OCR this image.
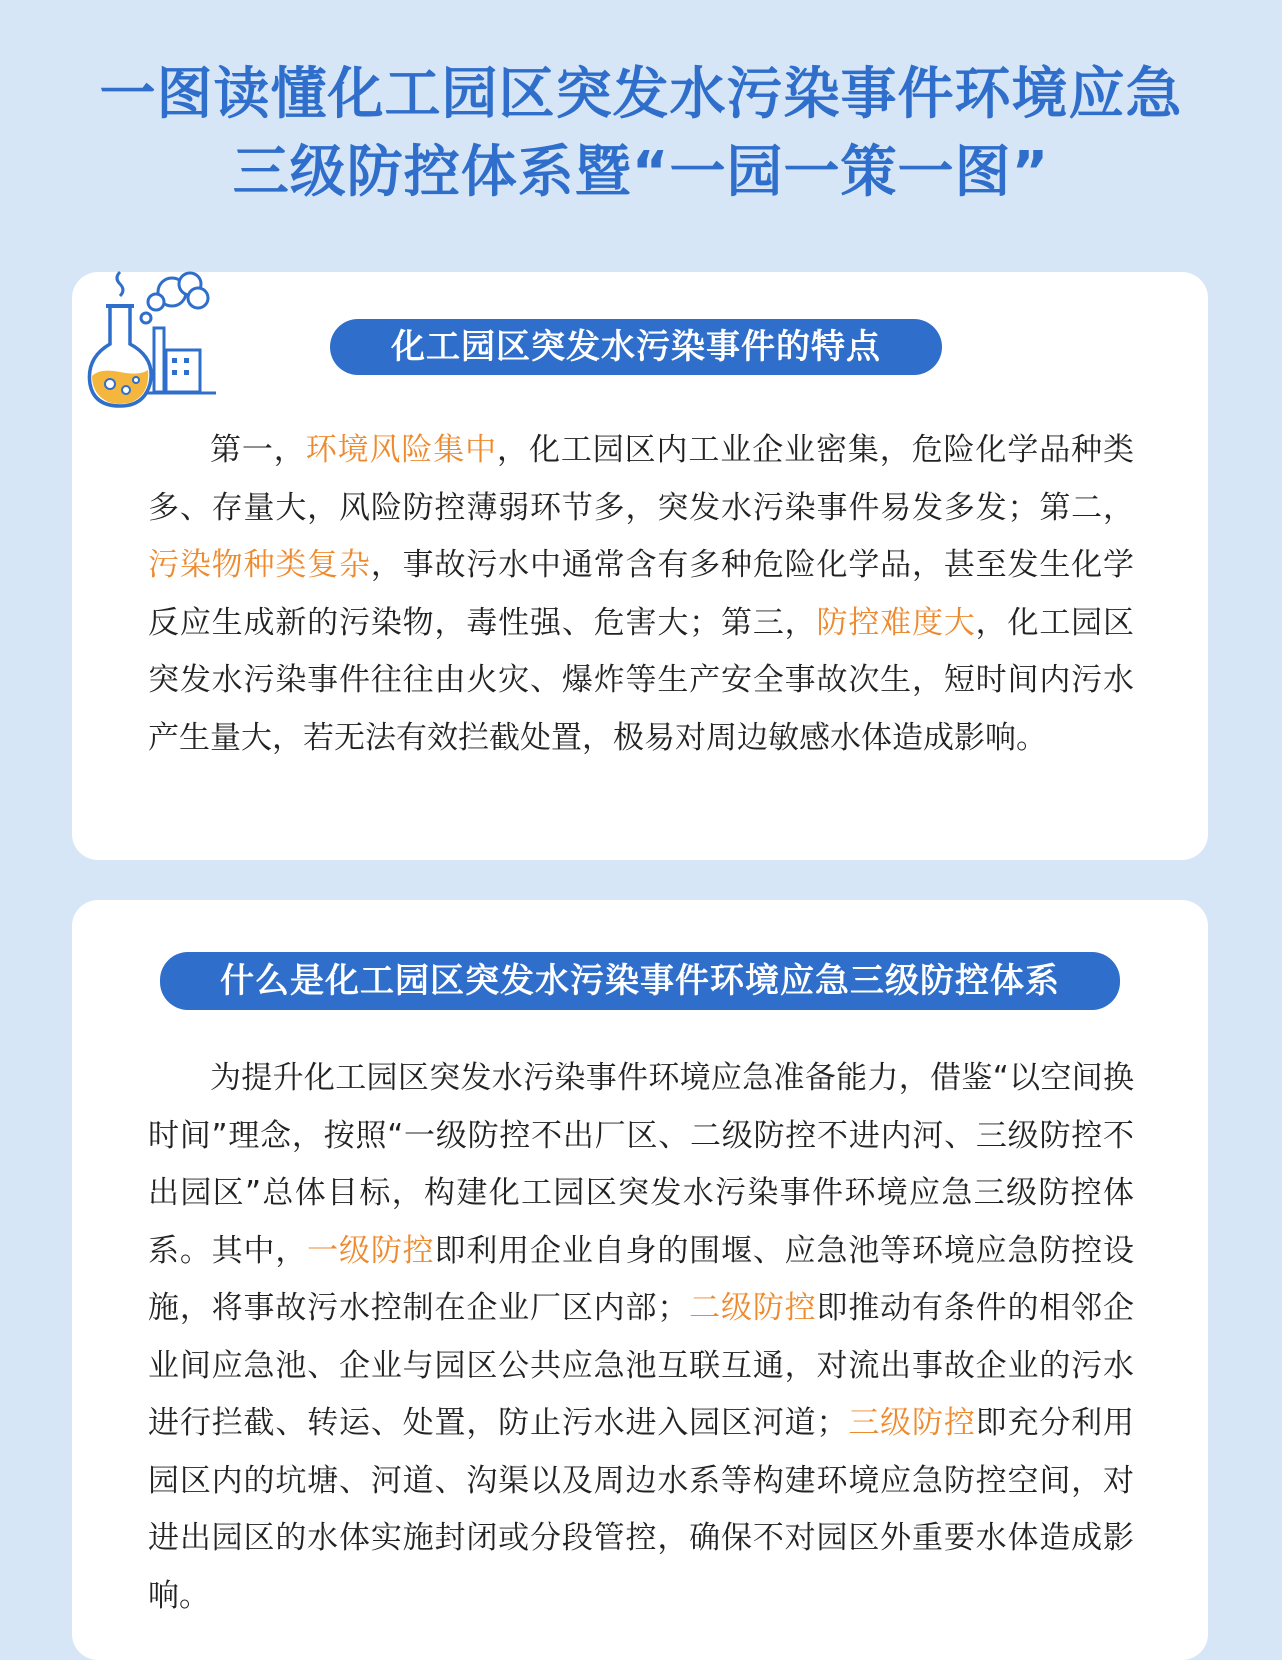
一图读懂化工园区突发水污染事件环境应急
三级防控体系暨“一园一策一图”
化工园区突发水污染事件的特点

第一，环境风险集中，化工园区内工业企业密集，危险化学品种类多、存量大，风险防控薄弱环节多，突发水污染事件易发多发；第二，污染物种类复杂，事故污水中通常含有多种危险化学品，甚至发生化学反应生成新的污染物，毒性强、危害大；第三，防控难度大，化工园区突发水污染事件往往由火灾、爆炸等生产安全事故次生，短时间内污水产生量大，若无法有效拦截处置，极易对周边敏感水体造成影响。

什么是化工园区突发水污染事件环境应急三级防控体系

为提升化工园区突发水污染事件环境应急准备能力，借鉴“以空间换时间”理念，按照“一级防控不出厂区、二级防控不进内河、三级防控不出园区”总体目标，构建化工园区突发水污染事件环境应急三级防控体系。其中，一级防控即利用企业自身的围堰、应急池等环境应急防控设施，将事故污水控制在企业厂区内部；二级防控即推动有条件的相邻企业间应急池、企业与园区公共应急池互联互通，对流出事故企业的污水进行拦截、转运、处置，防止污水进入园区河道；三级防控即充分利用园区内的坑塘、河道、沟渠以及周边水系等构建环境应急防控空间，对进出园区的水体实施封闭或分段管控，确保不对园区外重要水体造成影响。
